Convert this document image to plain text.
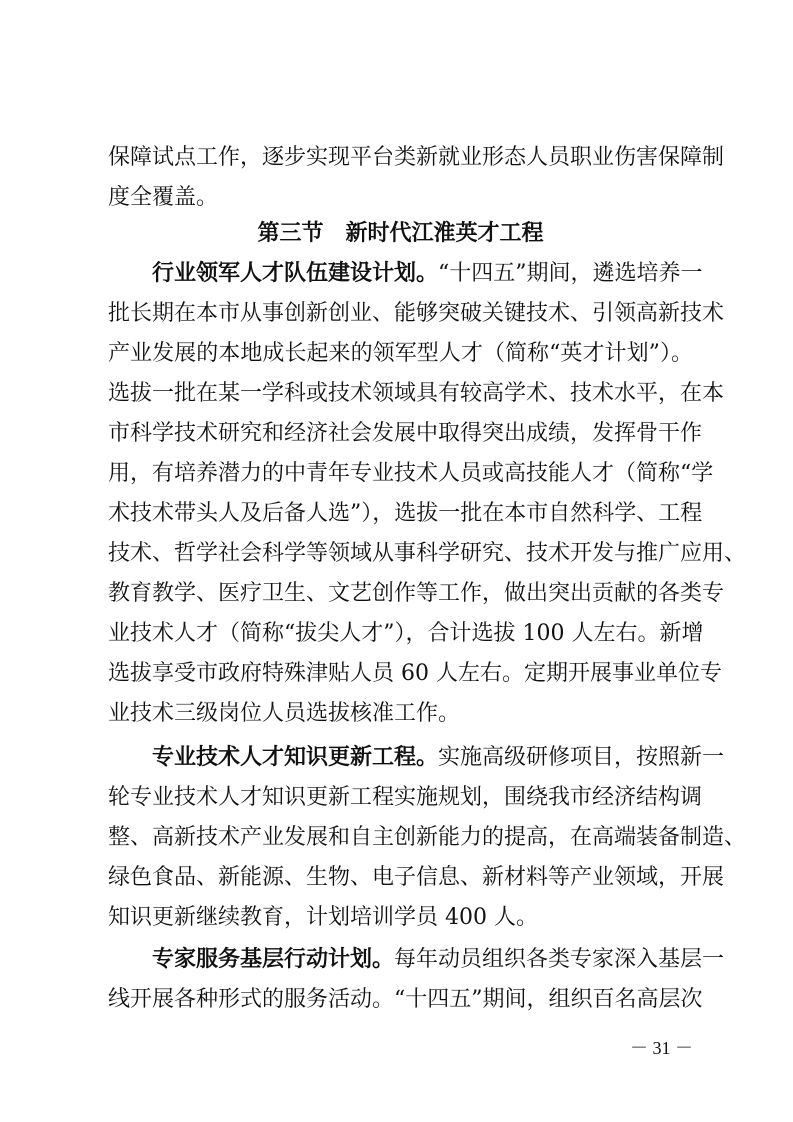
保障试点工作，逐步实现平台类新就业形态人员职业伤害保障制
度全覆盖。
第三节　新时代江淮英才工程
行业领军人才队伍建设计划。“十四五”期间，遴选培养一
批长期在本市从事创新创业、能够突破关键技术、引领高新技术
产业发展的本地成长起来的领军型人才（简称“英才计划”）。
选拔一批在某一学科或技术领域具有较高学术、技术水平，在本
市科学技术研究和经济社会发展中取得突出成绩，发挥骨干作
用，有培养潜力的中青年专业技术人员或高技能人才（简称“学
术技术带头人及后备人选”），选拔一批在本市自然科学、工程
技术、哲学社会科学等领域从事科学研究、技术开发与推广应用、
教育教学、医疗卫生、文艺创作等工作，做出突出贡献的各类专
业技术人才（简称“拔尖人才”），合计选拔 100 人左右。新增
选拔享受市政府特殊津贴人员 60 人左右。定期开展事业单位专
业技术三级岗位人员选拔核准工作。
专业技术人才知识更新工程。实施高级研修项目，按照新一
轮专业技术人才知识更新工程实施规划，围绕我市经济结构调
整、高新技术产业发展和自主创新能力的提高，在高端装备制造、
绿色食品、新能源、生物、电子信息、新材料等产业领域，开展
知识更新继续教育，计划培训学员 400 人。
专家服务基层行动计划。每年动员组织各类专家深入基层一
线开展各种形式的服务活动。“十四五”期间，组织百名高层次
－ 31 －
